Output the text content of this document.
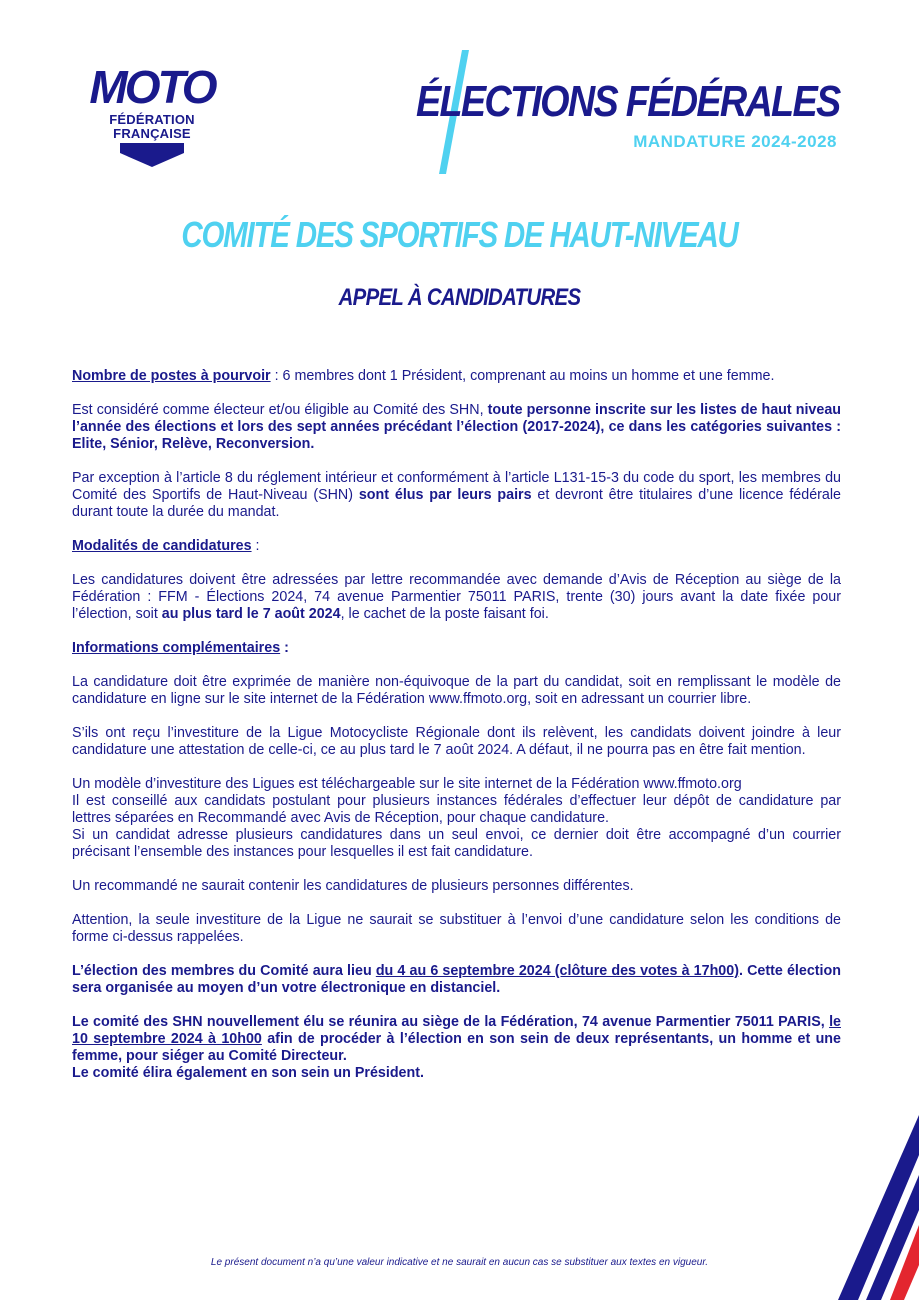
MOTO
FÉDÉRATION
FRANÇAISE
ÉLECTIONS FÉDÉRALES
MANDATURE 2024-2028
COMITÉ DES SPORTIFS DE HAUT-NIVEAU
APPEL À CANDIDATURES

Nombre de postes à pourvoir : 6 membres dont 1 Président, comprenant au moins un homme et une femme.

Est considéré comme électeur et/ou éligible au Comité des SHN, toute personne inscrite sur les listes de haut niveau l’année des élections et lors des sept années précédant l’élection (2017-2024), ce dans les catégories suivantes : Elite, Sénior, Relève, Reconversion.

Par exception à l’article 8 du réglement intérieur et conformément à l’article L131-15-3 du code du sport, les membres du Comité des Sportifs de Haut-Niveau (SHN) sont élus par leurs pairs et devront être titulaires d’une licence fédérale durant toute la durée du mandat.

Modalités de candidatures :

Les candidatures doivent être adressées par lettre recommandée avec demande d’Avis de Réception au siège de la Fédération : FFM - Élections 2024, 74 avenue Parmentier 75011 PARIS, trente (30) jours avant la date fixée pour l’élection, soit au plus tard le 7 août 2024, le cachet de la poste faisant foi.

Informations complémentaires :

La candidature doit être exprimée de manière non-équivoque de la part du candidat, soit en remplissant le modèle de candidature en ligne sur le site internet de la Fédération www.ffmoto.org, soit en adressant un courrier libre.

S’ils ont reçu l’investiture de la Ligue Motocycliste Régionale dont ils relèvent, les candidats doivent joindre à leur candidature une attestation de celle-ci, ce au plus tard le 7 août 2024. A défaut, il ne pourra pas en être fait mention.

Un modèle d’investiture des Ligues est téléchargeable sur le site internet de la Fédération www.ffmoto.org

Il est conseillé aux candidats postulant pour plusieurs instances fédérales d’effectuer leur dépôt de candidature par lettres séparées en Recommandé avec Avis de Réception, pour chaque candidature.

Si un candidat adresse plusieurs candidatures dans un seul envoi, ce dernier doit être accompagné d’un courrier précisant l’ensemble des instances pour lesquelles il est fait candidature.

Un recommandé ne saurait contenir les candidatures de plusieurs personnes différentes.

Attention, la seule investiture de la Ligue ne saurait se substituer à l’envoi d’une candidature selon les conditions de forme ci-dessus rappelées.

L’élection des membres du Comité aura lieu du 4 au 6 septembre 2024 (clôture des votes à 17h00). Cette élection sera organisée au moyen d’un votre électronique en distanciel.

Le comité des SHN nouvellement élu se réunira au siège de la Fédération, 74 avenue Parmentier 75011 PARIS, le 10 septembre 2024 à 10h00 afin de procéder à l’élection en son sein de deux représentants, un homme et une femme, pour siéger au Comité Directeur.

Le comité élira également en son sein un Président.

Le présent document n’a qu’une valeur indicative et ne saurait en aucun cas se substituer aux textes en vigueur.
